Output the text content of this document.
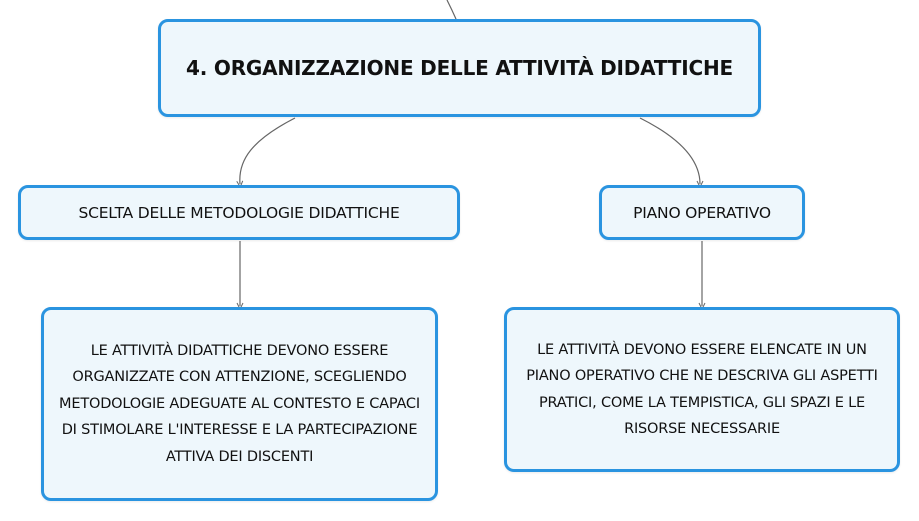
4. ORGANIZZAZIONE DELLE ATTIVITÀ DIDATTICHE
SCELTA DELLE METODOLOGIE DIDATTICHE	PIANO OPERATIVO
LE ATTIVITÀ DIDATTICHE DEVONO ESSERE ORGANIZZATE CON ATTENZIONE, SCEGLIENDO METODOLOGIE ADEGUATE AL CONTESTO E CAPACI DI STIMOLARE L'INTERESSE E LA PARTECIPAZIONE ATTIVA DEI DISCENTI
LE ATTIVITÀ DEVONO ESSERE ELENCATE IN UN PIANO OPERATIVO CHE NE DESCRIVA GLI ASPETTI PRATICI, COME LA TEMPISTICA, GLI SPAZI E LE RISORSE NECESSARIE
